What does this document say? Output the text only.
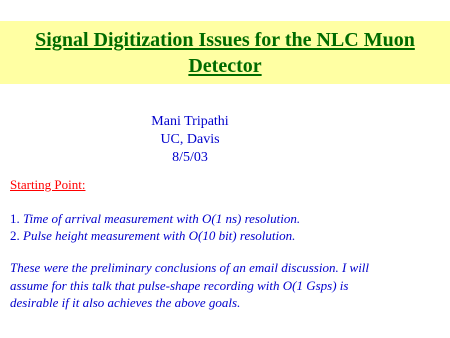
Signal Digitization Issues for the NLC Muon
Detector
Mani Tripathi
UC, Davis
8/5/03
Starting Point:
1. Time of arrival measurement with O(1 ns) resolution.
2. Pulse height measurement with O(10 bit) resolution.
These were the preliminary conclusions of an email discussion. I will
assume for this talk that pulse-shape recording with O(1 Gsps) is
desirable if it also achieves the above goals.
